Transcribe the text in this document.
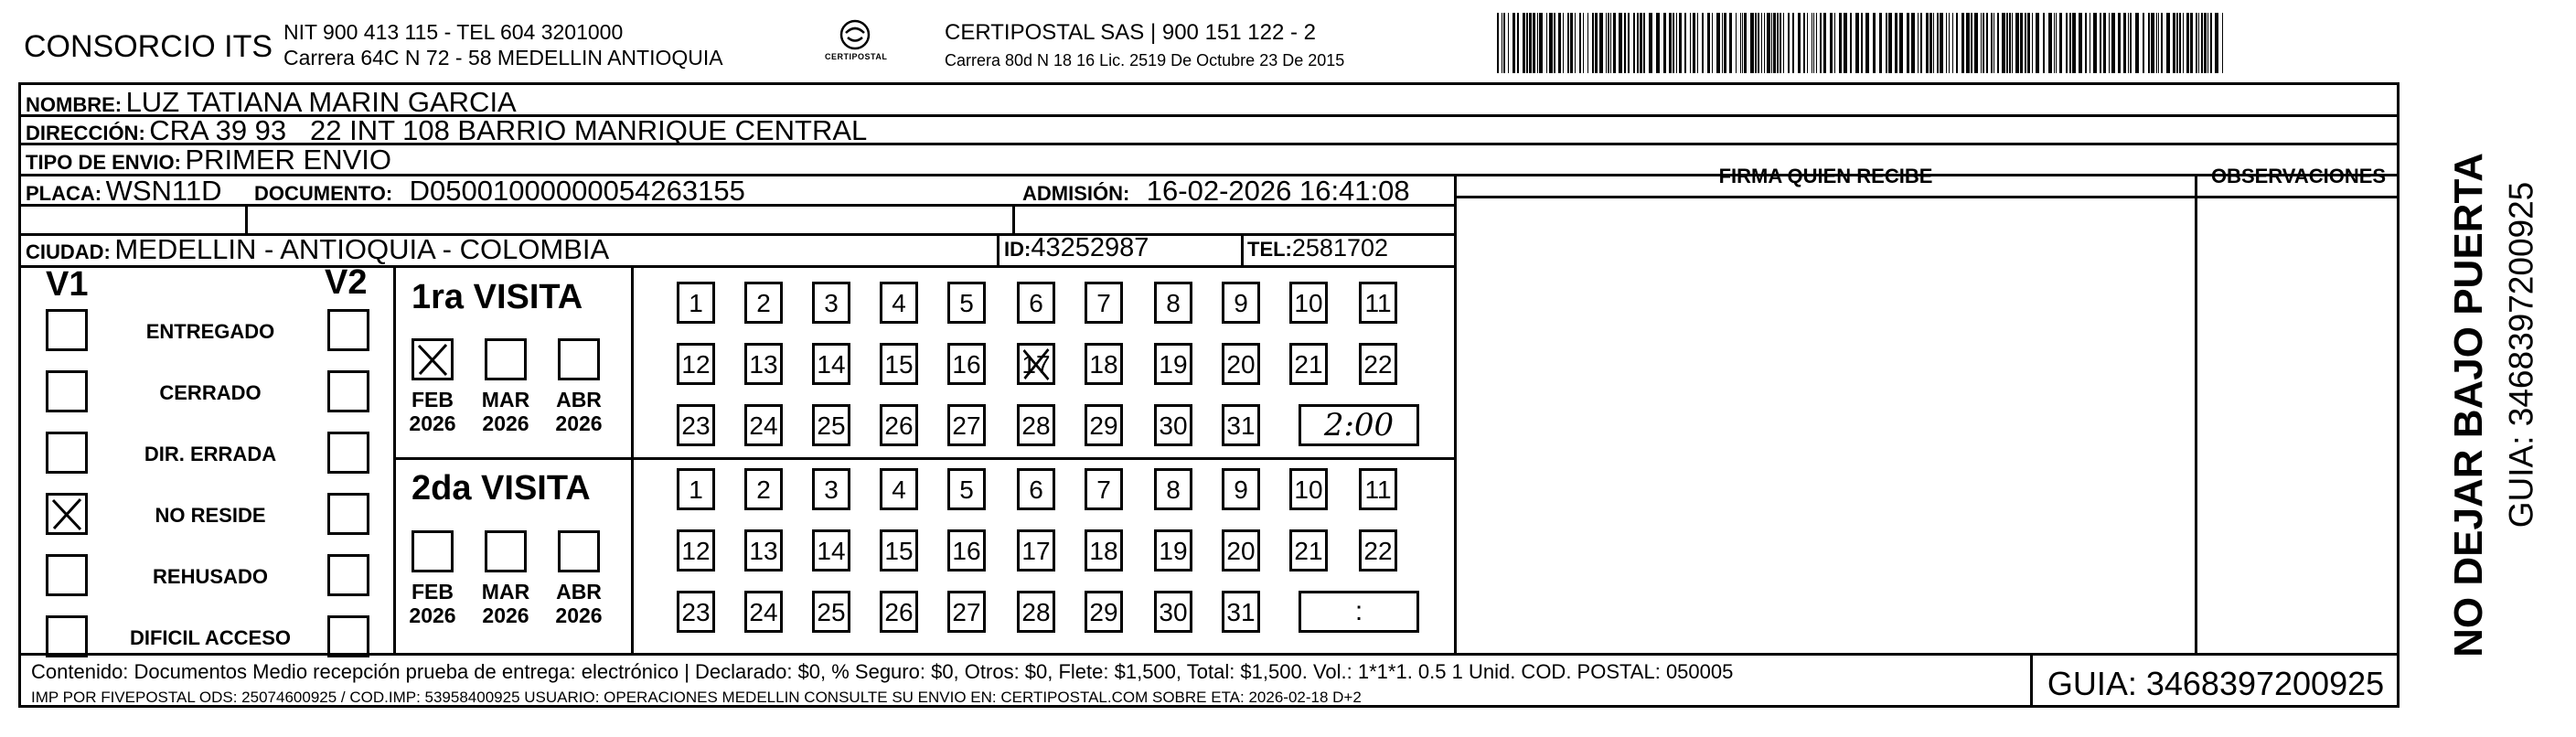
CONSORCIO ITS NIT 900 413 115 - TEL 604 3201000
Carrera 64C N 72 - 58 MEDELLIN ANTIOQUIA	CERTIPOSTAL
CERTIPOSTAL SAS | 900 151 122 - 2
Carrera 80d N 18 16 Lic. 2519 De Octubre 23 De 2015
NOMBRE: LUZ TATIANA MARIN GARCIA
DIRECCIÓN: CRA 39 93   22 INT 108 BARRIO MANRIQUE CENTRAL
TIPO DE ENVIO: PRIMER ENVIO
PLACA: WSN11D DOCUMENTO: D05001000000054263155	ADMISIÓN: 16-02-2026 16:41:08
CIUDAD: MEDELLIN - ANTIOQUIA - COLOMBIA	ID:43252987	TEL:2581702
FIRMA QUIEN RECIBE	OBSERVACIONES
V1	V2
ENTREGADO
CERRADO
DIR. ERRADA
NO RESIDE
REHUSADO
DIFICIL ACCESO
1ra VISITA
2da VISITA
FEB
2026
MAR
2026
ABR
2026
FEB
2026
MAR
2026
ABR
2026
1	2	3	4	5	6	7	8	9	10 11
12 13 14 15 16 17 18 19 20 21 22
23 24 25 26 27 28 29 30 31	2:00
1	2	3	4	5	6	7	8	9	10 11
12 13 14 15 16 17 18 19 20 21 22
23 24 25 26 27 28 29 30 31	:
Contenido: Documentos Medio recepción prueba de entrega: electrónico | Declarado: $0, % Seguro: $0, Otros: $0, Flete: $1,500, Total: $1,500. Vol.: 1*1*1. 0.5 1 Unid. COD. POSTAL: 050005
IMP POR FIVEPOSTAL ODS: 25074600925 / COD.IMP: 53958400925 USUARIO: OPERACIONES MEDELLIN CONSULTE SU ENVIO EN: CERTIPOSTAL.COM SOBRE ETA: 2026-02-18 D+2	GUIA: 3468397200925
NO DEJAR BAJO PUERTA GUIA: 3468397200925
